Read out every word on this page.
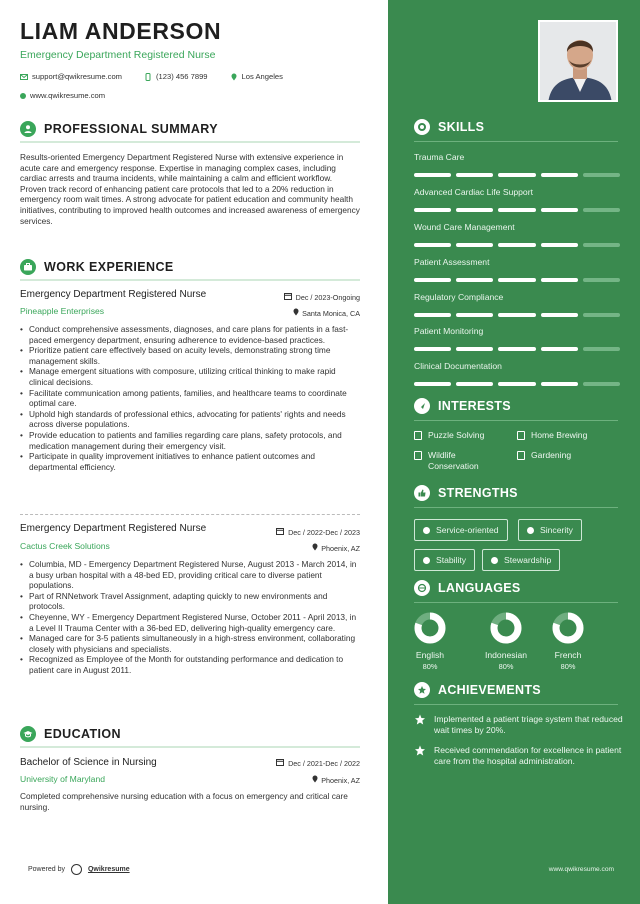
LIAM ANDERSON
Emergency Department Registered Nurse
support@qwikresume.com	(123) 456 7899	Los Angeles
www.qwikresume.com
PROFESSIONAL SUMMARY
Results-oriented Emergency Department Registered Nurse with extensive experience in acute care and emergency response. Expertise in managing complex cases, including cardiac arrests and trauma incidents, while maintaining a calm and efficient workflow. Proven track record of enhancing patient care protocols that led to a 20% reduction in emergency room wait times. A strong advocate for patient education and community health initiatives, contributing to improved health outcomes and increased awareness of emergency services.
WORK EXPERIENCE
Emergency Department Registered Nurse	Dec / 2023-Ongoing
Pineapple Enterprises	Santa Monica, CA
• Conduct comprehensive assessments, diagnoses, and care plans for patients in a fast-paced emergency department, ensuring adherence to evidence-based practices.
• Prioritize patient care effectively based on acuity levels, demonstrating strong time management skills.
• Manage emergent situations with composure, utilizing critical thinking to make rapid clinical decisions.
• Facilitate communication among patients, families, and healthcare teams to coordinate optimal care.
• Uphold high standards of professional ethics, advocating for patients' rights and needs across diverse populations.
• Provide education to patients and families regarding care plans, safety protocols, and medication management during their emergency visit.
• Participate in quality improvement initiatives to enhance patient outcomes and departmental efficiency.
Emergency Department Registered Nurse	Dec / 2022-Dec / 2023
Cactus Creek Solutions	Phoenix, AZ
• Columbia, MD - Emergency Department Registered Nurse, August 2013 - March 2014, in a busy urban hospital with a 48-bed ED, providing critical care to diverse patient populations.
• Part of RNNetwork Travel Assignment, adapting quickly to new environments and protocols.
• Cheyenne, WY - Emergency Department Registered Nurse, October 2011 - April 2013, in a Level II Trauma Center with a 36-bed ED, delivering high-quality emergency care.
• Managed care for 3-5 patients simultaneously in a high-stress environment, collaborating closely with physicians and specialists.
• Recognized as Employee of the Month for outstanding performance and dedication to patient care in August 2011.
EDUCATION
Bachelor of Science in Nursing	Dec / 2021-Dec / 2022
University of Maryland	Phoenix, AZ
Completed comprehensive nursing education with a focus on emergency and critical care nursing.
Powered by	Qwikresume
SKILLS
Trauma Care
Advanced Cardiac Life Support
Wound Care Management
Patient Assessment
Regulatory Compliance
Patient Monitoring
Clinical Documentation
INTERESTS
Puzzle Solving	Home Brewing
Wildlife Conservation
Gardening
STRENGTHS
Service-oriented	Sincerity
Stability	Stewardship
LANGUAGES
English
80%
Indonesian
80%
French
80%
ACHIEVEMENTS
Implemented a patient triage system that reduced wait times by 20%.
Received commendation for excellence in patient care from the hospital administration.
www.qwikresume.com
